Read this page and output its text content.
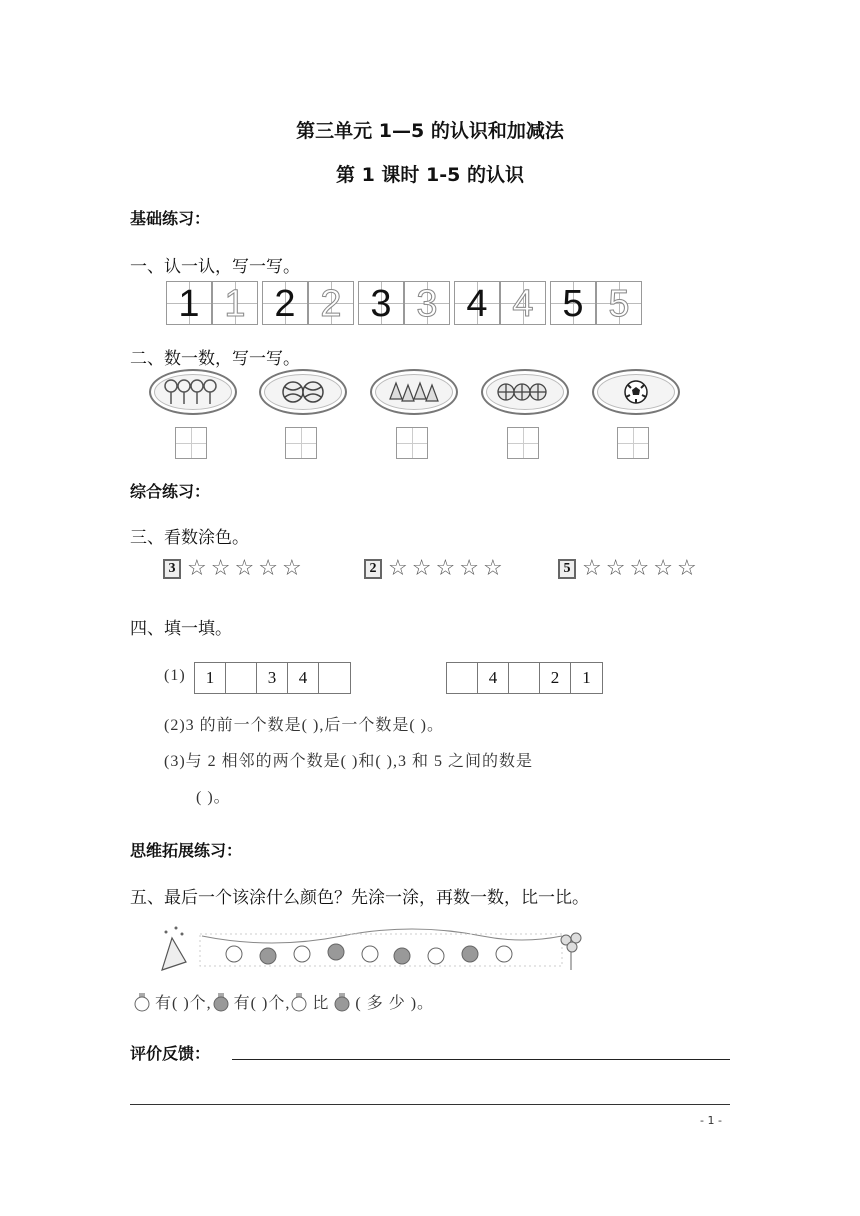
第三单元 1—5 的认识和加减法
第 1 课时 1-5 的认识
基础练习：
一、认一认，写一写。
1 1 2 2 3 3 4 4 5 5
二、数一数，写一写。
综合练习：
三、看数涂色。
3 ☆ ☆ ☆ ☆ ☆	2 ☆ ☆ ☆ ☆ ☆	5 ☆ ☆ ☆ ☆ ☆
四、填一填。
(1)	1	3	4	4	2	1
(2)3 的前一个数是( ),后一个数是( )。
(3)与 2 相邻的两个数是( )和( ),3 和 5 之间的数是
( )。
思维拓展练习：
五、最后一个该涂什么颜色？先涂一涂，再数一数，比一比。
有( )个, 有( )个, 比 ( 多 少 )。
评价反馈：
- 1 -
